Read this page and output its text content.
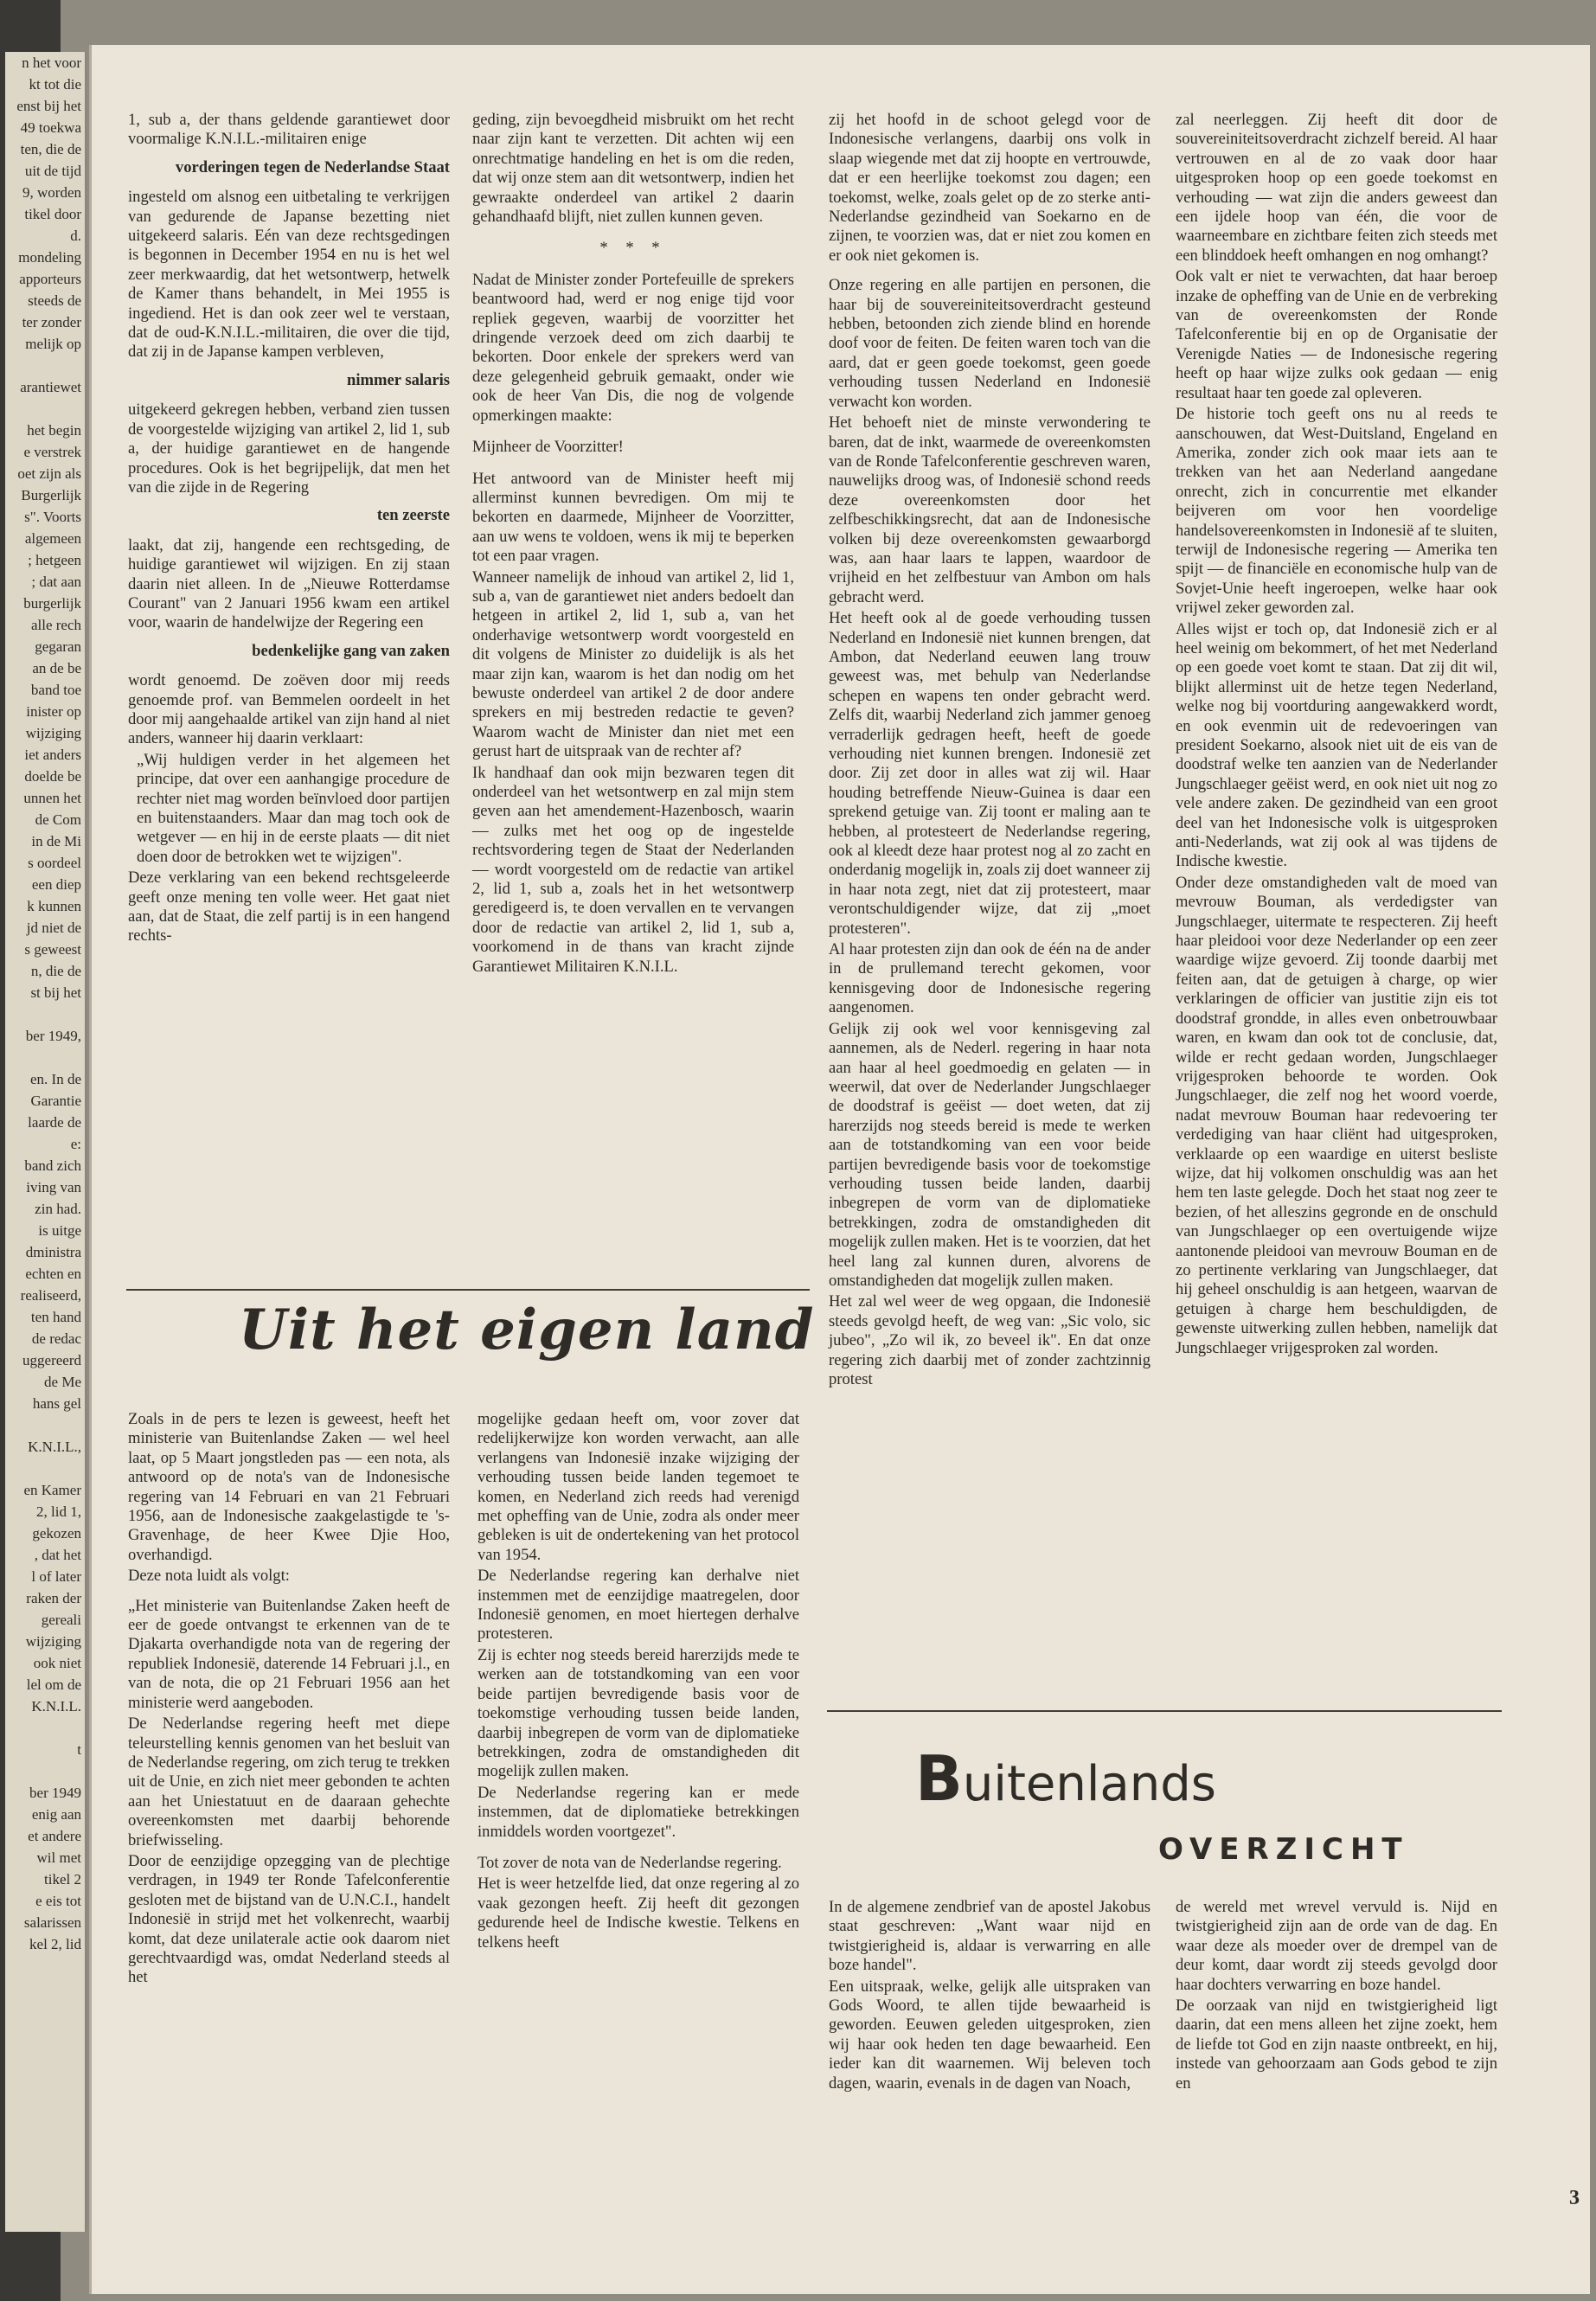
n het voor
kt tot die
enst bij het
49 toekwa
ten, die de
uit de tijd
9, worden
tikel door
d.
mondeling
apporteurs
steeds de
ter zonder
melijk op
arantiewet
het begin
e verstrek
oet zijn als
Burgerlijk
s". Voorts
algemeen
; hetgeen
; dat aan
burgerlijk
alle rech
gegaran
an de be
band toe
inister op
wijziging
iet anders
doelde be
unnen het
de Com
in de Mi
s oordeel
een diep
k kunnen
jd niet de
s geweest
n, die de
st bij het
ber 1949,
en. In de
Garantie
laarde de
e:
band zich
iving van
zin had.
is uitge
dministra
echten en
realiseerd,
ten hand
de redac
uggereerd
de Me
hans gel
K.N.I.L.,
en Kamer
2, lid 1,
gekozen
, dat het
l of later
raken der
gereali
wijziging
ook niet
lel om de
K.N.I.L.
t
ber 1949
enig aan
et andere
wil met
tikel 2
e eis tot
salarissen
kel 2, lid

1, sub a, der thans geldende garantiewet door voormalige K.N.I.L.-militairen enige

vorderingen tegen de Nederlandse Staat

ingesteld om alsnog een uitbetaling te verkrijgen van gedurende de Japanse bezetting niet uitgekeerd salaris. Eén van deze rechtsgedingen is begonnen in December 1954 en nu is het wel zeer merkwaardig, dat het wetsontwerp, hetwelk de Kamer thans behandelt, in Mei 1955 is ingediend. Het is dan ook zeer wel te verstaan, dat de oud-K.N.I.L.-militairen, die over die tijd, dat zij in de Japanse kampen verbleven,

nimmer salaris

uitgekeerd gekregen hebben, verband zien tussen de voorgestelde wijziging van artikel 2, lid 1, sub a, der huidige garantiewet en de hangende procedures. Ook is het begrijpelijk, dat men het van die zijde in de Regering

ten zeerste

laakt, dat zij, hangende een rechtsgeding, de huidige garantiewet wil wijzigen. En zij staan daarin niet alleen. In de „Nieuwe Rotterdamse Courant" van 2 Januari 1956 kwam een artikel voor, waarin de handelwijze der Regering een

bedenkelijke gang van zaken

wordt genoemd. De zoëven door mij reeds genoemde prof. van Bemmelen oordeelt in het door mij aangehaalde artikel van zijn hand al niet anders, wanneer hij daarin verklaart:

„Wij huldigen verder in het algemeen het principe, dat over een aanhangige procedure de rechter niet mag worden beïnvloed door partijen en buitenstaanders. Maar dan mag toch ook de wetgever — en hij in de eerste plaats — dit niet doen door de betrokken wet te wijzigen".

Deze verklaring van een bekend rechtsgeleerde geeft onze mening ten volle weer. Het gaat niet aan, dat de Staat, die zelf partij is in een hangend rechts-

geding, zijn bevoegdheid misbruikt om het recht naar zijn kant te verzetten. Dit achten wij een onrechtmatige handeling en het is om die reden, dat wij onze stem aan dit wetsontwerp, indien het gewraakte onderdeel van artikel 2 daarin gehandhaafd blijft, niet zullen kunnen geven.

* * *

Nadat de Minister zonder Portefeuille de sprekers beantwoord had, werd er nog enige tijd voor repliek gegeven, waarbij de voorzitter het dringende verzoek deed om zich daarbij te bekorten. Door enkele der sprekers werd van deze gelegenheid gebruik gemaakt, onder wie ook de heer Van Dis, die nog de volgende opmerkingen maakte:

Mijnheer de Voorzitter!

Het antwoord van de Minister heeft mij allerminst kunnen bevredigen. Om mij te bekorten en daarmede, Mijnheer de Voorzitter, aan uw wens te voldoen, wens ik mij te beperken tot een paar vragen.

Wanneer namelijk de inhoud van artikel 2, lid 1, sub a, van de garantiewet niet anders bedoelt dan hetgeen in artikel 2, lid 1, sub a, van het onderhavige wetsontwerp wordt voorgesteld en dit volgens de Minister zo duidelijk is als het maar zijn kan, waarom is het dan nodig om het bewuste onderdeel van artikel 2 de door andere sprekers en mij bestreden redactie te geven? Waarom wacht de Minister dan niet met een gerust hart de uitspraak van de rechter af?

Ik handhaaf dan ook mijn bezwaren tegen dit onderdeel van het wetsontwerp en zal mijn stem geven aan het amendement-Hazenbosch, waarin — zulks met het oog op de ingestelde rechtsvordering tegen de Staat der Nederlanden — wordt voorgesteld om de redactie van artikel 2, lid 1, sub a, zoals het in het wetsontwerp geredigeerd is, te doen vervallen en te vervangen door de redactie van artikel 2, lid 1, sub a, voorkomend in de thans van kracht zijnde Garantiewet Militairen K.N.I.L.

zij het hoofd in de schoot gelegd voor de Indonesische verlangens, daarbij ons volk in slaap wiegende met dat zij hoopte en vertrouwde, dat er een heerlijke toekomst zou dagen; een toekomst, welke, zoals gelet op de zo sterke anti-Nederlandse gezindheid van Soekarno en de zijnen, te voorzien was, dat er niet zou komen en er ook niet gekomen is.

Onze regering en alle partijen en personen, die haar bij de souvereiniteitsoverdracht gesteund hebben, betoonden zich ziende blind en horende doof voor de feiten. De feiten waren toch van die aard, dat er geen goede toekomst, geen goede verhouding tussen Nederland en Indonesië verwacht kon worden.

Het behoeft niet de minste verwondering te baren, dat de inkt, waarmede de overeenkomsten van de Ronde Tafelconferentie geschreven waren, nauwelijks droog was, of Indonesië schond reeds deze overeenkomsten door het zelfbeschikkingsrecht, dat aan de Indonesische volken bij deze overeenkomsten gewaarborgd was, aan haar laars te lappen, waardoor de vrijheid en het zelfbestuur van Ambon om hals gebracht werd.

Het heeft ook al de goede verhouding tussen Nederland en Indonesië niet kunnen brengen, dat Ambon, dat Nederland eeuwen lang trouw geweest was, met behulp van Nederlandse schepen en wapens ten onder gebracht werd. Zelfs dit, waarbij Nederland zich jammer genoeg verraderlijk gedragen heeft, heeft de goede verhouding niet kunnen brengen. Indonesië zet door. Zij zet door in alles wat zij wil. Haar houding betreffende Nieuw-Guinea is daar een sprekend getuige van. Zij toont er maling aan te hebben, al protesteert de Nederlandse regering, ook al kleedt deze haar protest nog al zo zacht en onderdanig mogelijk in, zoals zij doet wanneer zij in haar nota zegt, niet dat zij protesteert, maar verontschuldigender wijze, dat zij „moet protesteren".

Al haar protesten zijn dan ook de één na de ander in de prullemand terecht gekomen, voor kennisgeving door de Indonesische regering aangenomen.

Gelijk zij ook wel voor kennisgeving zal aannemen, als de Nederl. regering in haar nota aan haar al heel goedmoedig en gelaten — in weerwil, dat over de Nederlander Jungschlaeger de doodstraf is geëist — doet weten, dat zij harerzijds nog steeds bereid is mede te werken aan de totstandkoming van een voor beide partijen bevredigende basis voor de toekomstige verhouding tussen beide landen, daarbij inbegrepen de vorm van de diplomatieke betrekkingen, zodra de omstandigheden dit mogelijk zullen maken. Het is te voorzien, dat het heel lang zal kunnen duren, alvorens de omstandigheden dat mogelijk zullen maken.

Het zal wel weer de weg opgaan, die Indonesië steeds gevolgd heeft, de weg van: „Sic volo, sic jubeo", „Zo wil ik, zo beveel ik". En dat onze regering zich daarbij met of zonder zachtzinnig protest

zal neerleggen. Zij heeft dit door de souvereiniteitsoverdracht zichzelf bereid. Al haar vertrouwen en al de zo vaak door haar uitgesproken hoop op een goede toekomst en verhouding — wat zijn die anders geweest dan een ijdele hoop van één, die voor de waarneembare en zichtbare feiten zich steeds met een blinddoek heeft omhangen en nog omhangt?

Ook valt er niet te verwachten, dat haar beroep inzake de opheffing van de Unie en de verbreking van de overeenkomsten der Ronde Tafelconferentie bij en op de Organisatie der Verenigde Naties — de Indonesische regering heeft op haar wijze zulks ook gedaan — enig resultaat haar ten goede zal opleveren.

De historie toch geeft ons nu al reeds te aanschouwen, dat West-Duitsland, Engeland en Amerika, zonder zich ook maar iets aan te trekken van het aan Nederland aangedane onrecht, zich in concurrentie met elkander beijveren om voor hen voordelige handelsovereenkomsten in Indonesië af te sluiten, terwijl de Indonesische regering — Amerika ten spijt — de financiële en economische hulp van de Sovjet-Unie heeft ingeroepen, welke haar ook vrijwel zeker geworden zal.

Alles wijst er toch op, dat Indonesië zich er al heel weinig om bekommert, of het met Nederland op een goede voet komt te staan. Dat zij dit wil, blijkt allerminst uit de hetze tegen Nederland, welke nog bij voortduring aangewakkerd wordt, en ook evenmin uit de redevoeringen van president Soekarno, alsook niet uit de eis van de doodstraf welke ten aanzien van de Nederlander Jungschlaeger geëist werd, en ook niet uit nog zo vele andere zaken. De gezindheid van een groot deel van het Indonesische volk is uitgesproken anti-Nederlands, wat zij ook al was tijdens de Indische kwestie.

Onder deze omstandigheden valt de moed van mevrouw Bouman, als verdedigster van Jungschlaeger, uitermate te respecteren. Zij heeft haar pleidooi voor deze Nederlander op een zeer waardige wijze gevoerd. Zij toonde daarbij met feiten aan, dat de getuigen à charge, op wier verklaringen de officier van justitie zijn eis tot doodstraf grondde, in alles even onbetrouwbaar waren, en kwam dan ook tot de conclusie, dat, wilde er recht gedaan worden, Jungschlaeger vrijgesproken behoorde te worden. Ook Jungschlaeger, die zelf nog het woord voerde, nadat mevrouw Bouman haar redevoering ter verdediging van haar cliënt had uitgesproken, verklaarde op een waardige en uiterst besliste wijze, dat hij volkomen onschuldig was aan het hem ten laste gelegde. Doch het staat nog zeer te bezien, of het alleszins gegronde en de onschuld van Jungschlaeger op een overtuigende wijze aantonende pleidooi van mevrouw Bouman en de zo pertinente verklaring van Jungschlaeger, dat hij geheel onschuldig is aan hetgeen, waarvan de getuigen à charge hem beschuldigden, de gewenste uitwerking zullen hebben, namelijk dat Jungschlaeger vrijgesproken zal worden.

Uit het eigen land

Zoals in de pers te lezen is geweest, heeft het ministerie van Buitenlandse Zaken — wel heel laat, op 5 Maart jongstleden pas — een nota, als antwoord op de nota's van de Indonesische regering van 14 Februari en van 21 Februari 1956, aan de Indonesische zaakgelastigde te 's-Gravenhage, de heer Kwee Djie Hoo, overhandigd.

Deze nota luidt als volgt:

„Het ministerie van Buitenlandse Zaken heeft de eer de goede ontvangst te erkennen van de te Djakarta overhandigde nota van de regering der republiek Indonesië, daterende 14 Februari j.l., en van de nota, die op 21 Februari 1956 aan het ministerie werd aangeboden.

De Nederlandse regering heeft met diepe teleurstelling kennis genomen van het besluit van de Nederlandse regering, om zich terug te trekken uit de Unie, en zich niet meer gebonden te achten aan het Uniestatuut en de daaraan gehechte overeenkomsten met daarbij behorende briefwisseling.

Door de eenzijdige opzegging van de plechtige verdragen, in 1949 ter Ronde Tafelconferentie gesloten met de bijstand van de U.N.C.I., handelt Indonesië in strijd met het volkenrecht, waarbij komt, dat deze unilaterale actie ook daarom niet gerechtvaardigd was, omdat Nederland steeds al het

mogelijke gedaan heeft om, voor zover dat redelijkerwijze kon worden verwacht, aan alle verlangens van Indonesië inzake wijziging der verhouding tussen beide landen tegemoet te komen, en Nederland zich reeds had verenigd met opheffing van de Unie, zodra als onder meer gebleken is uit de ondertekening van het protocol van 1954.

De Nederlandse regering kan derhalve niet instemmen met de eenzijdige maatregelen, door Indonesië genomen, en moet hiertegen derhalve protesteren.

Zij is echter nog steeds bereid harerzijds mede te werken aan de totstandkoming van een voor beide partijen bevredigende basis voor de toekomstige verhouding tussen beide landen, daarbij inbegrepen de vorm van de diplomatieke betrekkingen, zodra de omstandigheden dit mogelijk zullen maken.

De Nederlandse regering kan er mede instemmen, dat de diplomatieke betrekkingen inmiddels worden voortgezet".

Tot zover de nota van de Nederlandse regering.

Het is weer hetzelfde lied, dat onze regering al zo vaak gezongen heeft. Zij heeft dit gezongen gedurende heel de Indische kwestie. Telkens en telkens heeft

Buitenlands
OVERZICHT

In de algemene zendbrief van de apostel Jakobus staat geschreven: „Want waar nijd en twistgierigheid is, aldaar is verwarring en alle boze handel".

Een uitspraak, welke, gelijk alle uitspraken van Gods Woord, te allen tijde bewaarheid is geworden. Eeuwen geleden uitgesproken, zien wij haar ook heden ten dage bewaarheid. Een ieder kan dit waarnemen. Wij beleven toch dagen, waarin, evenals in de dagen van Noach,

de wereld met wrevel vervuld is. Nijd en twistgierigheid zijn aan de orde van de dag. En waar deze als moeder over de drempel van de deur komt, daar wordt zij steeds gevolgd door haar dochters verwarring en boze handel.

De oorzaak van nijd en twistgierigheid ligt daarin, dat een mens alleen het zijne zoekt, hem de liefde tot God en zijn naaste ontbreekt, en hij, instede van gehoorzaam aan Gods gebod te zijn en

3
